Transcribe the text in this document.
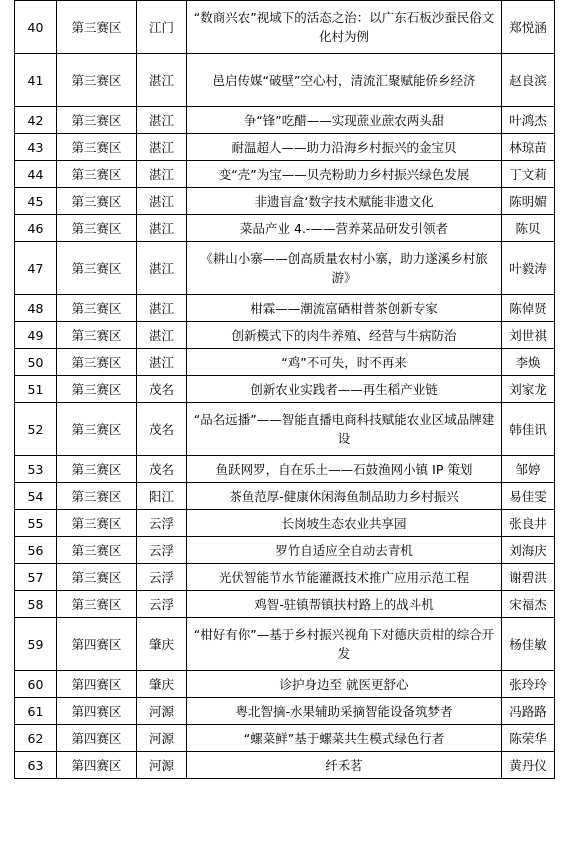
40	第三赛区	江门	“数商兴农”视域下的活态之治：以广东石板沙蚕民俗文化村为例	郑悦涵
41	第三赛区	湛江	邑启传媒“破壁”空心村，清流汇聚赋能侨乡经济	赵良滨
42	第三赛区	湛江	争“锋”吃醋——实现蔗业蔗农两头甜	叶鸿杰
43	第三赛区	湛江	耐温超人——助力沿海乡村振兴的金宝贝	林琼苗
44	第三赛区	湛江	变“壳”为宝——贝壳粉助力乡村振兴绿色发展	丁文莉
45	第三赛区	湛江	非遗盲盒‘数字技术赋能非遗文化	陈明媚
46	第三赛区	湛江	菜品产业 4.-——营养菜品研发引领者	陈贝
47	第三赛区	湛江	《耕山小寨——创高质量农村小寨，助力遂溪乡村旅游》	叶毅涛
48	第三赛区	湛江	柑霖——潮流富硒柑普茶创新专家	陈倬贤
49	第三赛区	湛江	创新模式下的肉牛养殖、经营与牛病防治	刘世祺
50	第三赛区	湛江	“鸡”不可失，时不再来	李焕
51	第三赛区	茂名	创新农业实践者——再生稻产业链	刘家龙
52	第三赛区	茂名	“品名远播”——智能直播电商科技赋能农业区域品牌建设	韩佳讯
53	第三赛区	茂名	鱼跃网罗，自在乐土——石鼓渔网小镇 IP 策划	邹婷
54	第三赛区	阳江	茶鱼范厚-健康休闲海鱼制品助力乡村振兴	易佳雯
55	第三赛区	云浮	长岗坡生态农业共享园	张良井
56	第三赛区	云浮	罗竹自适应全自动去青机	刘海庆
57	第三赛区	云浮	光伏智能节水节能灌溉技术推广应用示范工程	谢碧洪
58	第三赛区	云浮	鸡智-驻镇帮镇扶村路上的战斗机	宋福杰
59	第四赛区	肇庆	“柑好有你”—基于乡村振兴视角下对德庆贡柑的综合开发	杨佳敏
60	第四赛区	肇庆	诊护身边至 就医更舒心	张玲玲
61	第四赛区	河源	粤北智摘-水果辅助采摘智能设备筑梦者	冯路路
62	第四赛区	河源	“螺菜鲜”基于螺菜共生模式绿色行者	陈荣华
63	第四赛区	河源	纤禾茗	黄丹仪
